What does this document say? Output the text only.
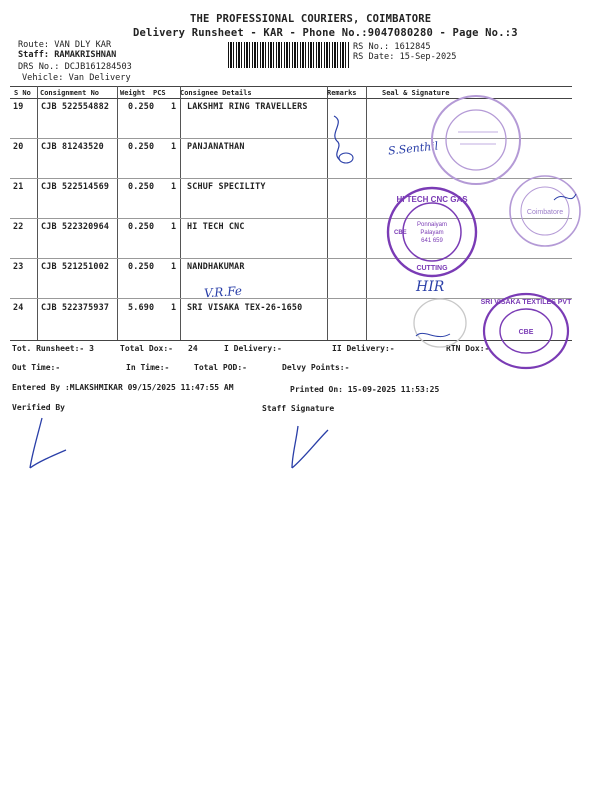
THE PROFESSIONAL COURIERS, COIMBATORE
Delivery Runsheet - KAR - Phone No.:9047080280 - Page No.:3
Route: VAN DLY KAR
Staff: RAMAKRISHNAN
DRS No.: DCJB161284503
Vehicle: Van Delivery
RS No.: 1612845
RS Date: 15-Sep-2025
S No Consignment No	Weight PCS Consignee Details	Remarks	Seal & Signature
19 CJB 522554882 0.250 1 LAKSHMI RING TRAVELLERS
20 CJB 81243520	0.250 1 PANJANATHAN
21 CJB 522514569 0.250 1 SCHUF SPECILITY
22 CJB 522320964 0.250 1 HI TECH CNC
23 CJB 521251002 0.250 1 NANDHAKUMAR
24 CJB 522375937 5.690 1 SRI VISAKA TEX-26-1650
Tot. Runsheet:- 3	Total Dox:- 24	I Delivery:-	II Delivery:-	RTN Dox:-
Out Time:-	In Time:-	Total POD:-	Delvy Points:-
Entered By :MLAKSHMIKAR 09/15/2025 11:47:55 AM	Printed On: 15-09-2025 11:53:25
Verified By	Staff Signature
S.Senthil
V.R.Fe	HIR
Coimbatore
HI TECH CNC GAS
CUTTING
CBE
Ponnaiyam
Palayam
641 659
SRI VISAKA TEXTILES PVT
CBE
